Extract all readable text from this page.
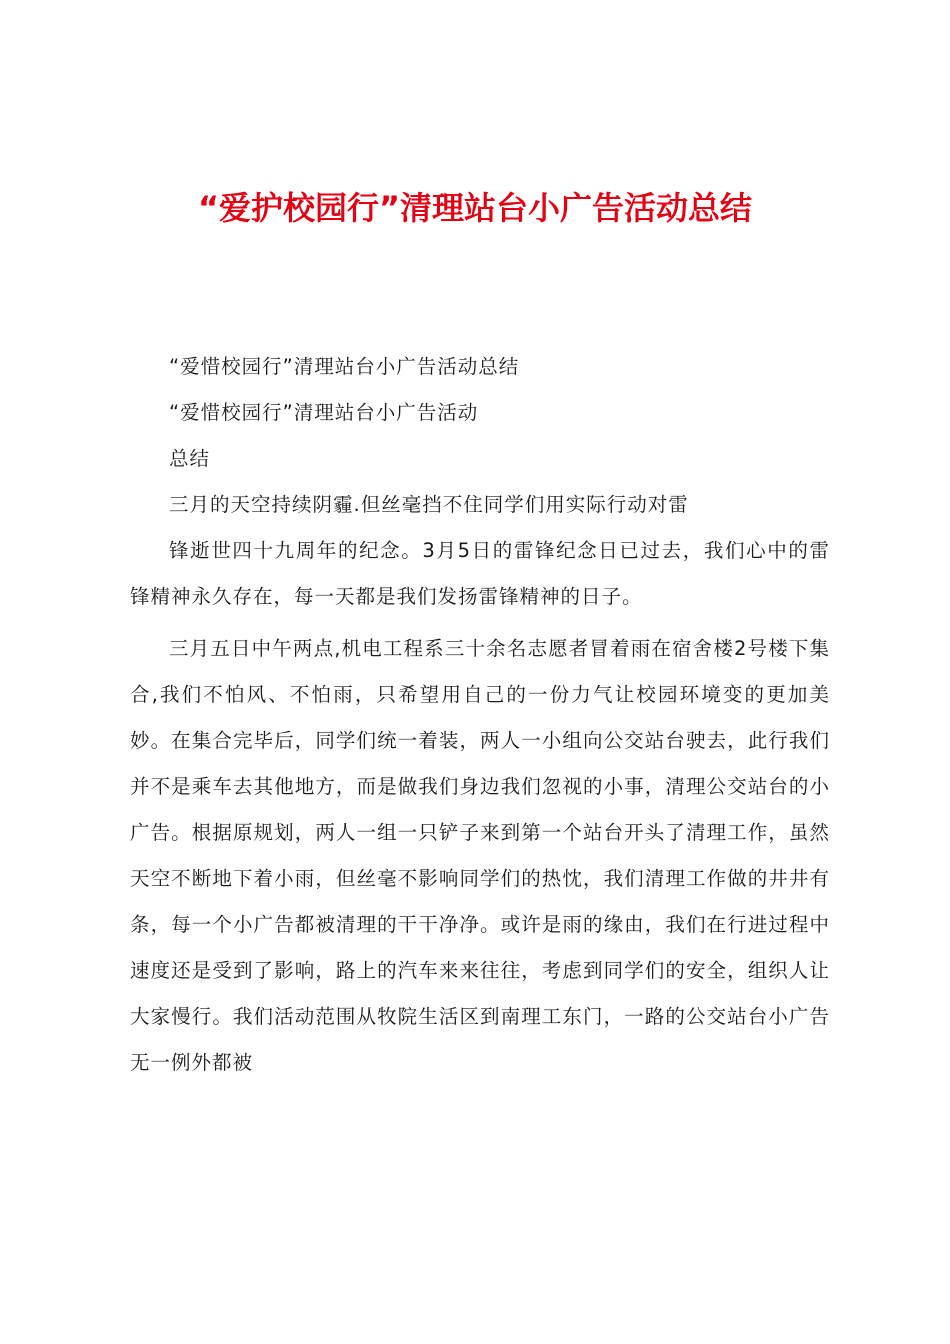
“爱护校园行”清理站台小广告活动总结

“爱惜校园行”清理站台小广告活动总结

“爱惜校园行”清理站台小广告活动

总结

三月的天空持续阴霾.但丝毫挡不住同学们用实际行动对雷

锋逝世四十九周年的纪念。3月5日的雷锋纪念日已过去，我们心中的雷锋精神永久存在，每一天都是我们发扬雷锋精神的日子。

三月五日中午两点,机电工程系三十余名志愿者冒着雨在宿舍楼2号楼下集合,我们不怕风、不怕雨，只希望用自己的一份力气让校园环境变的更加美妙。在集合完毕后，同学们统一着装，两人一小组向公交站台驶去，此行我们并不是乘车去其他地方，而是做我们身边我们忽视的小事，清理公交站台的小广告。根据原规划，两人一组一只铲子来到第一个站台开头了清理工作，虽然天空不断地下着小雨，但丝毫不影响同学们的热忱，我们清理工作做的井井有条，每一个小广告都被清理的干干净净。或许是雨的缘由，我们在行进过程中速度还是受到了影响，路上的汽车来来往往，考虑到同学们的安全，组织人让大家慢行。我们活动范围从牧院生活区到南理工东门，一路的公交站台小广告无一例外都被
